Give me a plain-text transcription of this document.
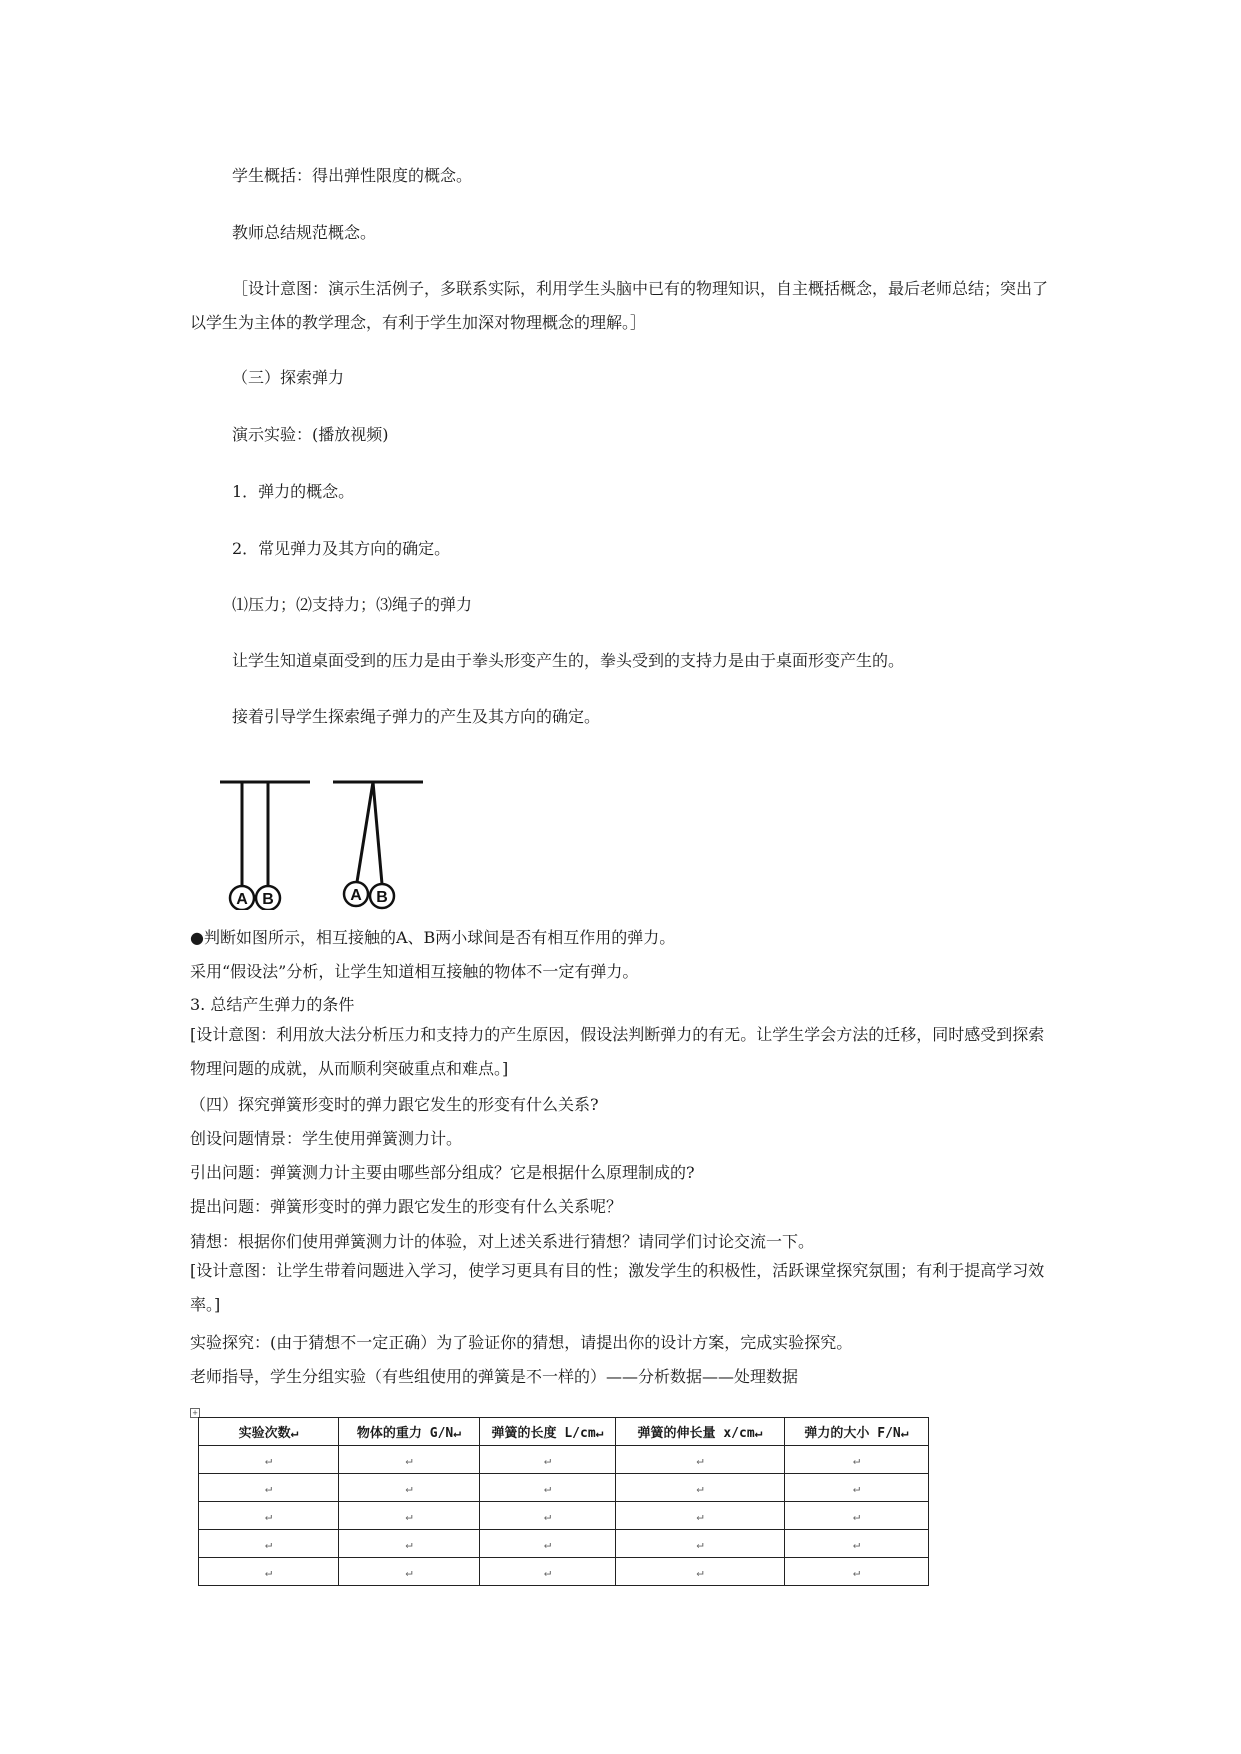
学生概括：得出弹性限度的概念。
教师总结规范概念。
［设计意图：演示生活例子，多联系实际，利用学生头脑中已有的物理知识，自主概括概念，最后老师总结；突出了以学生为主体的教学理念，有利于学生加深对物理概念的理解。］
（三）探索弹力
演示实验：(播放视频)
1．弹力的概念。
2．常见弹力及其方向的确定。
⑴压力；⑵支持力；⑶绳子的弹力
让学生知道桌面受到的压力是由于拳头形变产生的，拳头受到的支持力是由于桌面形变产生的。
接着引导学生探索绳子弹力的产生及其方向的确定。
A B	A B
●判断如图所示，相互接触的A、B两小球间是否有相互作用的弹力。
采用“假设法”分析，让学生知道相互接触的物体不一定有弹力。
3. 总结产生弹力的条件
[设计意图：利用放大法分析压力和支持力的产生原因，假设法判断弹力的有无。让学生学会方法的迁移，同时感受到探索物理问题的成就，从而顺利突破重点和难点。]
（四）探究弹簧形变时的弹力跟它发生的形变有什么关系?
创设问题情景：学生使用弹簧测力计。
引出问题：弹簧测力计主要由哪些部分组成？它是根据什么原理制成的?
提出问题：弹簧形变时的弹力跟它发生的形变有什么关系呢？
猜想：根据你们使用弹簧测力计的体验，对上述关系进行猜想？请同学们讨论交流一下。
[设计意图：让学生带着问题进入学习，使学习更具有目的性；激发学生的积极性，活跃课堂探究氛围；有利于提高学习效率。]
实验探究：(由于猜想不一定正确）为了验证你的猜想，请提出你的设计方案，完成实验探究。
老师指导，学生分组实验（有些组使用的弹簧是不一样的）——分析数据——处理数据
+
实验次数↵	物体的重力 G/N↵	弹簧的长度 L/cm↵	弹簧的伸长量 x/cm↵	弹力的大小 F/N↵
↵	↵	↵	↵	↵
↵	↵	↵	↵	↵
↵	↵	↵	↵	↵
↵	↵	↵	↵	↵
↵	↵	↵	↵	↵
